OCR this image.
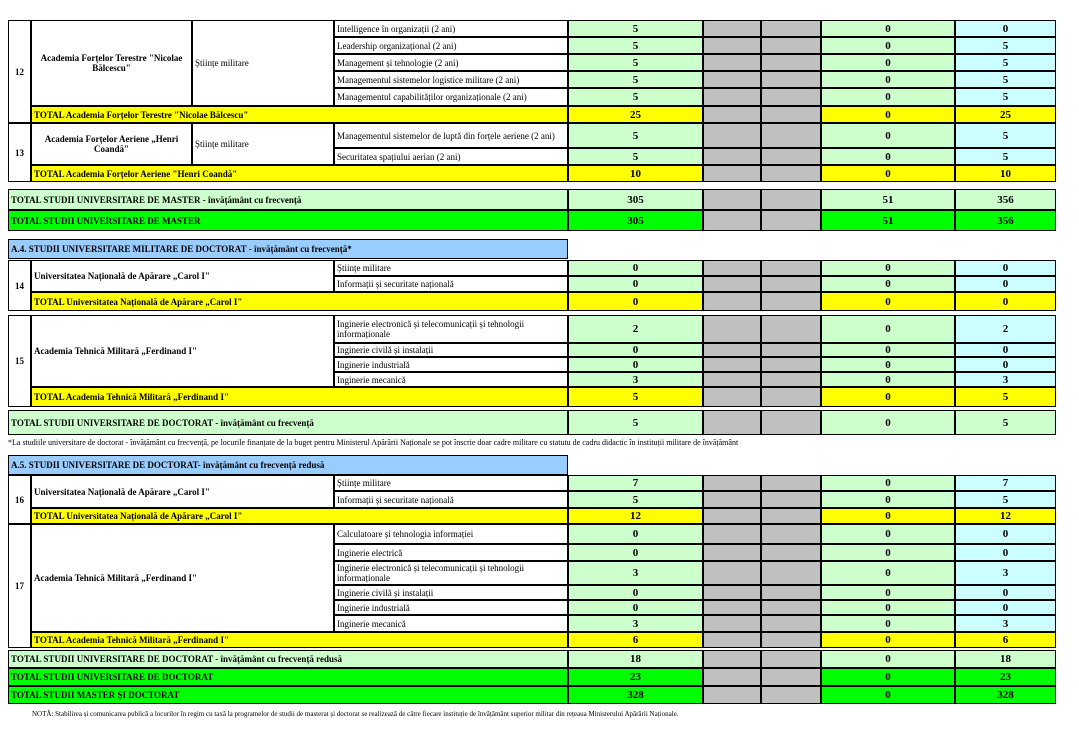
12
Academia Forțelor Terestre "Nicolae Bălcescu"	Științe militare
Intelligence în organizații (2 ani)	5	0	0
Leadership organizațional (2 ani)	5	0	5
Management și tehnologie (2 ani)	5	0	5
Managementul sistemelor logistice militare (2 ani)	5	0	5
Managementul capabilităților organizaționale (2 ani)	5	0	5
TOTAL Academia Forțelor Terestre "Nicolae Bălcescu"	25	0	25
13
Academia Forțelor Aeriene „Henri Coandă"	Științe militare
Managementul sistemelor de luptă din forțele aeriene (2 ani)	5	0	5
Securitatea spațiului aerian (2 ani)	5	0	5
TOTAL Academia Forțelor Aeriene "Henri Coandă"	10	0	10
TOTAL STUDII UNIVERSITARE DE MASTER - învățământ cu frecvență	305	51	356
TOTAL STUDII UNIVERSITARE DE MASTER	305	51	356
A.4. STUDII UNIVERSITARE MILITARE DE DOCTORAT - învățământ cu frecvență*
14
Universitatea Națională de Apărare „Carol I"
Științe militare	0	0	0
Informații și securitate națională	0	0	0
TOTAL Universitatea Națională de Apărare „Carol I"	0	0	0
15
Academia Tehnică Militară „Ferdinand I"
Inginerie electronică și telecomunicații și tehnologii informaționale	2	0	2
Inginerie civilă și instalații	0	0	0
Inginerie industrială	0	0	0
Inginerie mecanică	3	0	3
TOTAL Academia Tehnică Militară „Ferdinand I"	5	0	5
TOTAL STUDII UNIVERSITARE DE DOCTORAT - învățământ cu frecvență	5	0	5
A.5. STUDII UNIVERSITARE DE DOCTORAT- învățământ cu frecvență redusă
16
Universitatea Națională de Apărare „Carol I"
Științe militare	7	0	7
Informații și securitate națională	5	0	5
TOTAL Universitatea Națională de Apărare „Carol I"	12	0	12
17
Academia Tehnică Militară „Ferdinand I"
Calculatoare și tehnologia informației	0	0	0
Inginerie electrică	0	0	0
Inginerie electronică și telecomunicații și tehnologii informaționale	3	0	3
Inginerie civilă și instalații	0	0	0
Inginerie industrială	0	0	0
Inginerie mecanică	3	0	3
TOTAL Academia Tehnică Militară „Ferdinand I"	6	0	6
TOTAL STUDII UNIVERSITARE DE DOCTORAT - învățământ cu frecvență redusă	18	0	18
TOTAL STUDII UNIVERSITARE DE DOCTORAT	23	0	23
TOTAL STUDII MASTER ȘI DOCTORAT	328	0	328
*La studiile universitare de doctorat - învățământ cu frecvență, pe locurile finanțate de la buget pentru Ministerul Apărării Naționale se pot înscrie doar cadre militare cu statutu de cadru didactic în instituții militare de învățământ
NOTĂ: Stabilirea și comunicarea publică a locurilor în regim cu taxă la programelor de studii de masterat și doctorat se realizează de către fiecare instituție de învățământ superior militar din rețeaua Ministerului Apărării Naționale.
